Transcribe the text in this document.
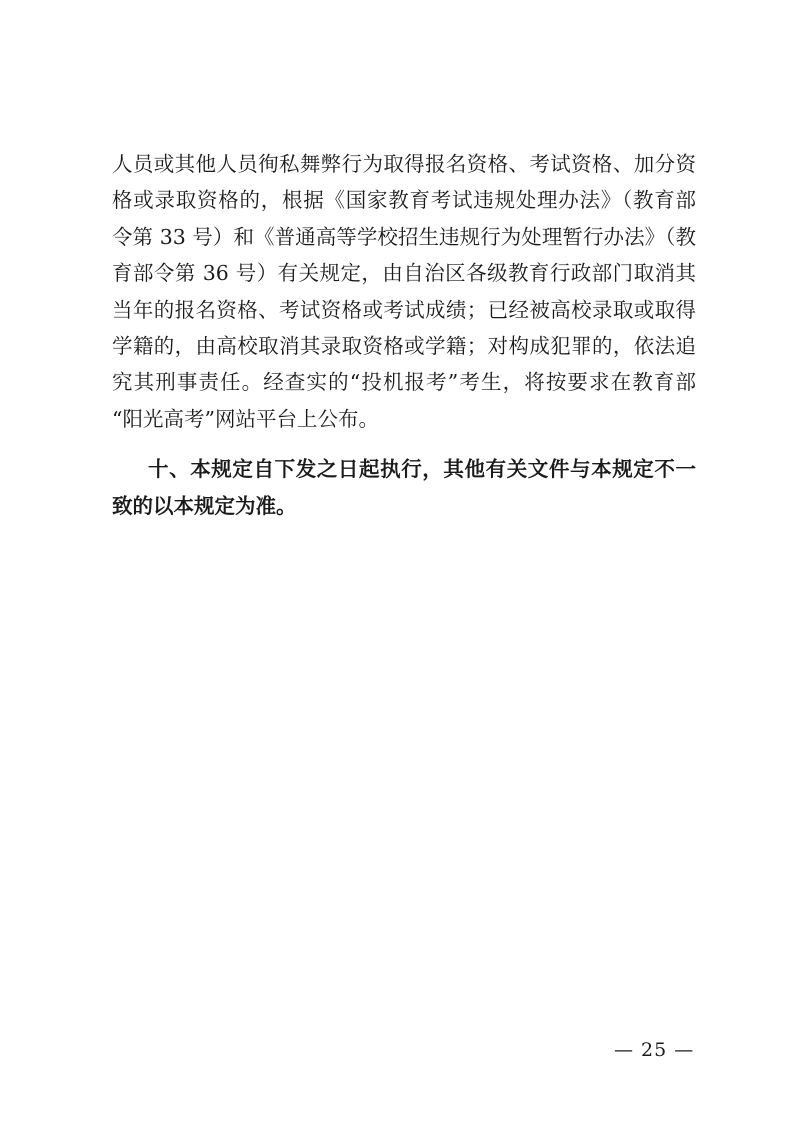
人员或其他人员徇私舞弊行为取得报名资格、考试资格、加分资
格或录取资格的，根据《国家教育考试违规处理办法》（教育部
令第 33 号）和《普通高等学校招生违规行为处理暂行办法》（教
育部令第 36 号）有关规定，由自治区各级教育行政部门取消其
当年的报名资格、考试资格或考试成绩；已经被高校录取或取得
学籍的，由高校取消其录取资格或学籍；对构成犯罪的，依法追
究其刑事责任。经查实的“投机报考”考生，将按要求在教育部
“阳光高考”网站平台上公布。

十、本规定自下发之日起执行，其他有关文件与本规定不一
致的以本规定为准。

— 25 —
